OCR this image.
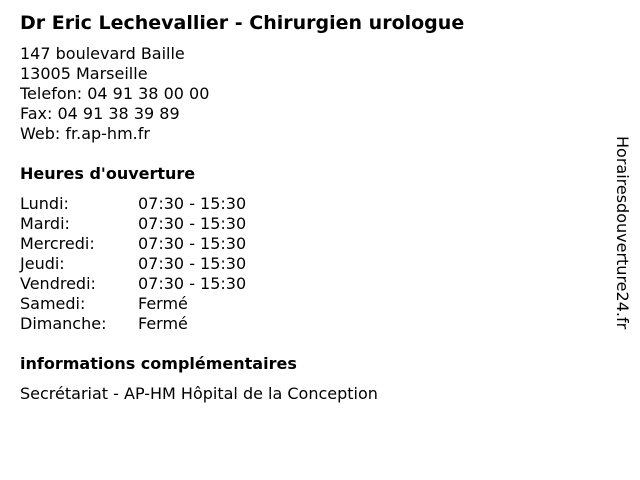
Dr Eric Lechevallier - Chirurgien urologue
147 boulevard Baille
13005 Marseille
Telefon: 04 91 38 00 00
Fax: 04 91 38 39 89
Web: fr.ap-hm.fr
Heures d'ouverture
Lundi:	07:30 - 15:30
Mardi:	07:30 - 15:30
Mercredi:	07:30 - 15:30
Jeudi:	07:30 - 15:30
Vendredi:	07:30 - 15:30
Samedi:	Fermé
Dimanche:	Fermé
informations complémentaires
Secrétariat - AP-HM Hôpital de la Conception
Horairesdouverture24.fr
